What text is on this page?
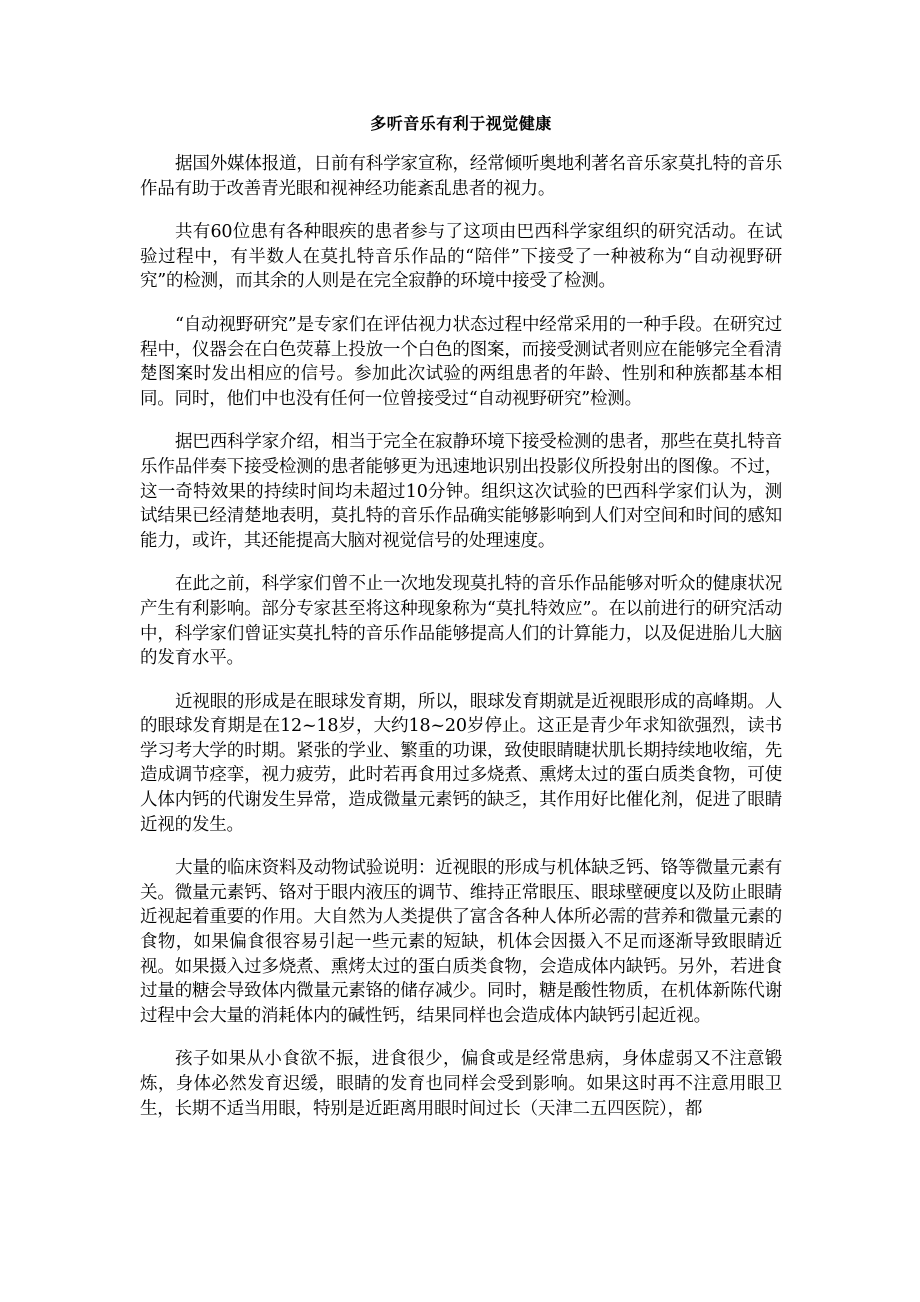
多听音乐有利于视觉健康

据国外媒体报道，日前有科学家宣称，经常倾听奥地利著名音乐家莫扎特的音乐作品有助于改善青光眼和视神经功能紊乱患者的视力。

共有60位患有各种眼疾的患者参与了这项由巴西科学家组织的研究活动。在试验过程中，有半数人在莫扎特音乐作品的“陪伴”下接受了一种被称为“自动视野研究”的检测，而其余的人则是在完全寂静的环境中接受了检测。

“自动视野研究”是专家们在评估视力状态过程中经常采用的一种手段。在研究过程中，仪器会在白色荧幕上投放一个白色的图案，而接受测试者则应在能够完全看清楚图案时发出相应的信号。参加此次试验的两组患者的年龄、性别和种族都基本相同。同时，他们中也没有任何一位曾接受过“自动视野研究”检测。

据巴西科学家介绍，相当于完全在寂静环境下接受检测的患者，那些在莫扎特音乐作品伴奏下接受检测的患者能够更为迅速地识别出投影仪所投射出的图像。不过，这一奇特效果的持续时间均未超过10分钟。组织这次试验的巴西科学家们认为，测试结果已经清楚地表明，莫扎特的音乐作品确实能够影响到人们对空间和时间的感知能力，或许，其还能提高大脑对视觉信号的处理速度。

在此之前，科学家们曾不止一次地发现莫扎特的音乐作品能够对听众的健康状况产生有利影响。部分专家甚至将这种现象称为“莫扎特效应”。在以前进行的研究活动中，科学家们曾证实莫扎特的音乐作品能够提高人们的计算能力，以及促进胎儿大脑的发育水平。

近视眼的形成是在眼球发育期，所以，眼球发育期就是近视眼形成的高峰期。人的眼球发育期是在12~18岁，大约18~20岁停止。这正是青少年求知欲强烈，读书学习考大学的时期。紧张的学业、繁重的功课，致使眼睛睫状肌长期持续地收缩，先造成调节痉挛，视力疲劳，此时若再食用过多烧煮、熏烤太过的蛋白质类食物，可使人体内钙的代谢发生异常，造成微量元素钙的缺乏，其作用好比催化剂，促进了眼睛近视的发生。

大量的临床资料及动物试验说明：近视眼的形成与机体缺乏钙、铬等微量元素有关。微量元素钙、铬对于眼内液压的调节、维持正常眼压、眼球壁硬度以及防止眼睛近视起着重要的作用。大自然为人类提供了富含各种人体所必需的营养和微量元素的食物，如果偏食很容易引起一些元素的短缺，机体会因摄入不足而逐渐导致眼睛近视。如果摄入过多烧煮、熏烤太过的蛋白质类食物，会造成体内缺钙。另外，若进食过量的糖会导致体内微量元素铬的储存减少。同时，糖是酸性物质，在机体新陈代谢过程中会大量的消耗体内的碱性钙，结果同样也会造成体内缺钙引起近视。

孩子如果从小食欲不振，进食很少，偏食或是经常患病，身体虚弱又不注意锻炼，身体必然发育迟缓，眼睛的发育也同样会受到影响。如果这时再不注意用眼卫生，长期不适当用眼，特别是近距离用眼时间过长（天津二五四医院），都
